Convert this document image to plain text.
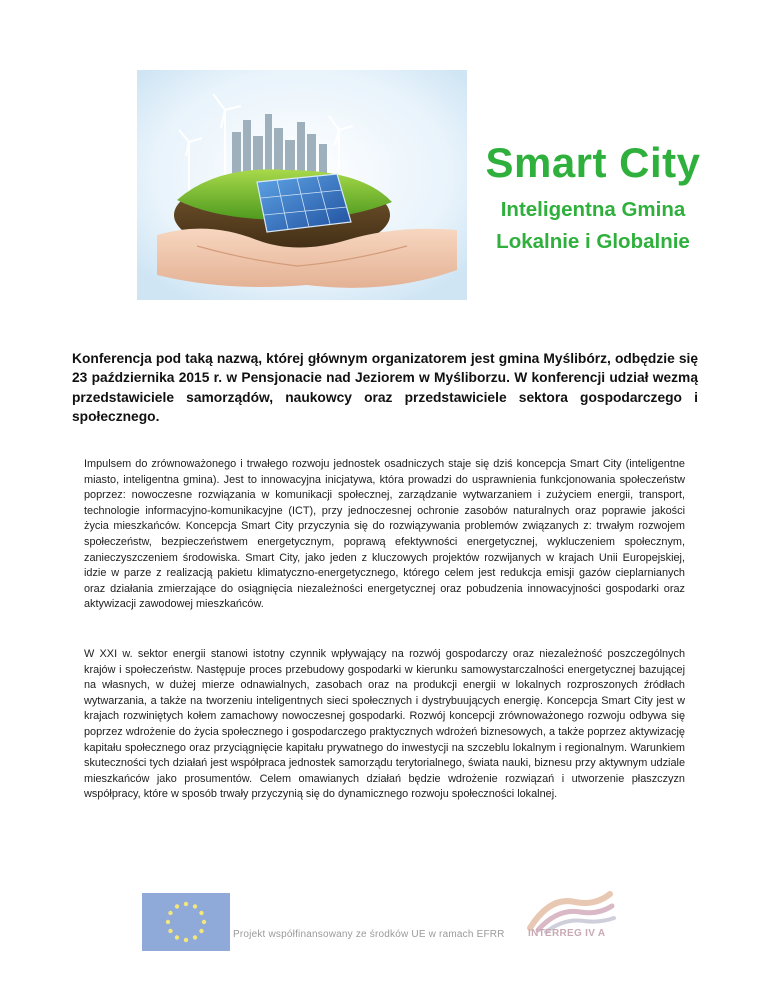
Smart City
Inteligentna Gmina
Lokalnie i Globalnie
Konferencja pod taką nazwą, której głównym organizatorem jest gmina Myślibórz, odbędzie się 23 października 2015 r. w Pensjonacie nad Jeziorem w Myśliborzu. W konferencji udział wezmą przedstawiciele samorządów, naukowcy oraz przedstawiciele sektora gospodarczego i społecznego.
Impulsem do zrównoważonego i trwałego rozwoju jednostek osadniczych staje się dziś koncepcja Smart City (inteligentne miasto, inteligentna gmina). Jest to innowacyjna inicjatywa, która prowadzi do usprawnienia funkcjonowania społeczeństw poprzez: nowoczesne rozwiązania w komunikacji społecznej, zarządzanie wytwarzaniem i zużyciem energii, transport, technologie informacyjno-komunikacyjne (ICT), przy jednoczesnej ochronie zasobów naturalnych oraz poprawie jakości życia mieszkańców. Koncepcja Smart City przyczynia się do rozwiązywania problemów związanych z: trwałym rozwojem społeczeństw, bezpieczeństwem energetycznym, poprawą efektywności energetycznej, wykluczeniem społecznym, zanieczyszczeniem środowiska. Smart City, jako jeden z kluczowych projektów rozwijanych w krajach Unii Europejskiej, idzie w parze z realizacją pakietu klimatyczno-energetycznego, którego celem jest redukcja emisji gazów cieplarnianych oraz działania zmierzające do osiągnięcia niezależności energetycznej oraz pobudzenia innowacyjności gospodarki oraz aktywizacji zawodowej mieszkańców.
W XXI w. sektor energii stanowi istotny czynnik wpływający na rozwój gospodarczy oraz niezależność poszczególnych krajów i społeczeństw. Następuje proces przebudowy gospodarki w kierunku samowystarczalności energetycznej bazującej na własnych, w dużej mierze odnawialnych, zasobach oraz na produkcji energii w lokalnych rozproszonych źródłach wytwarzania, a także na tworzeniu inteligentnych sieci społecznych i dystrybuujących energię. Koncepcja Smart City jest w krajach rozwiniętych kołem zamachowy nowoczesnej gospodarki. Rozwój koncepcji zrównoważonego rozwoju odbywa się poprzez wdrożenie do życia społecznego i gospodarczego praktycznych wdrożeń biznesowych, a także poprzez aktywizację kapitału społecznego oraz przyciągnięcie kapitału prywatnego do inwestycji na szczeblu lokalnym i regionalnym. Warunkiem skuteczności tych działań jest współpraca jednostek samorządu terytorialnego, świata nauki, biznesu przy aktywnym udziale mieszkańców jako prosumentów. Celem omawianych działań będzie wdrożenie rozwiązań i utworzenie płaszczyzn współpracy, które w sposób trwały przyczynią się do dynamicznego rozwoju społeczności lokalnej.
Projekt współfinansowany ze środków UE w ramach EFRR INTERREG IV A
